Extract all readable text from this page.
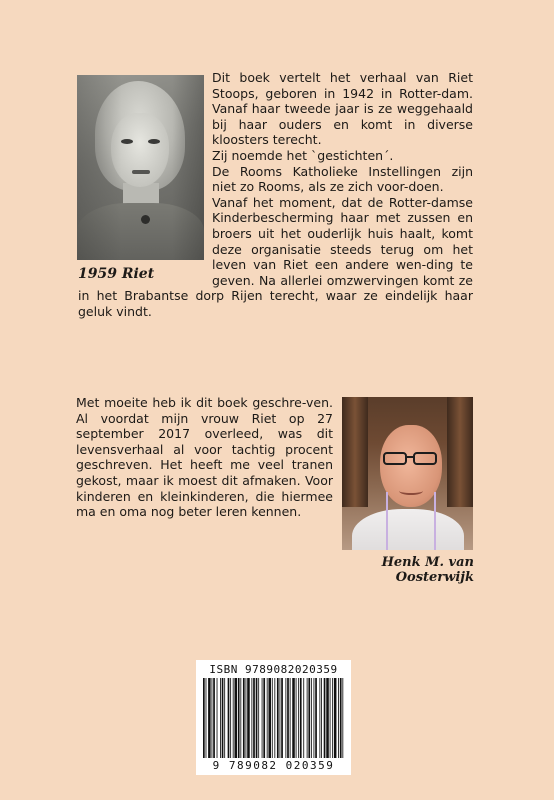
1959 Riet

Dit boek vertelt het verhaal van Riet Stoops, geboren in 1942 in Rotter-dam. Vanaf haar tweede jaar is ze weggehaald bij haar ouders en komt in diverse kloosters terecht.

Zij noemde het `gestichten´.

De Rooms Katholieke Instellingen zijn niet zo Rooms, als ze zich voor-doen.

Vanaf het moment, dat de Rotter-damse Kinderbescherming haar met zussen en broers uit het ouderlijk huis haalt, komt deze organisatie steeds terug om het leven van Riet een andere wen-ding te geven. Na allerlei omzwervingen komt ze in het Brabantse dorp Rijen terecht, waar ze eindelijk haar geluk vindt.

Met moeite heb ik dit boek geschre-ven. Al voordat mijn vrouw Riet op 27 september 2017 overleed, was dit levensverhaal al voor tachtig procent geschreven. Het heeft me veel tranen gekost, maar ik moest dit afmaken. Voor kinderen en kleinkinderen, die hiermee ma en oma nog beter leren kennen.

Henk M. van Oosterwijk
ISBN 9789082020359
9 789082 020359
